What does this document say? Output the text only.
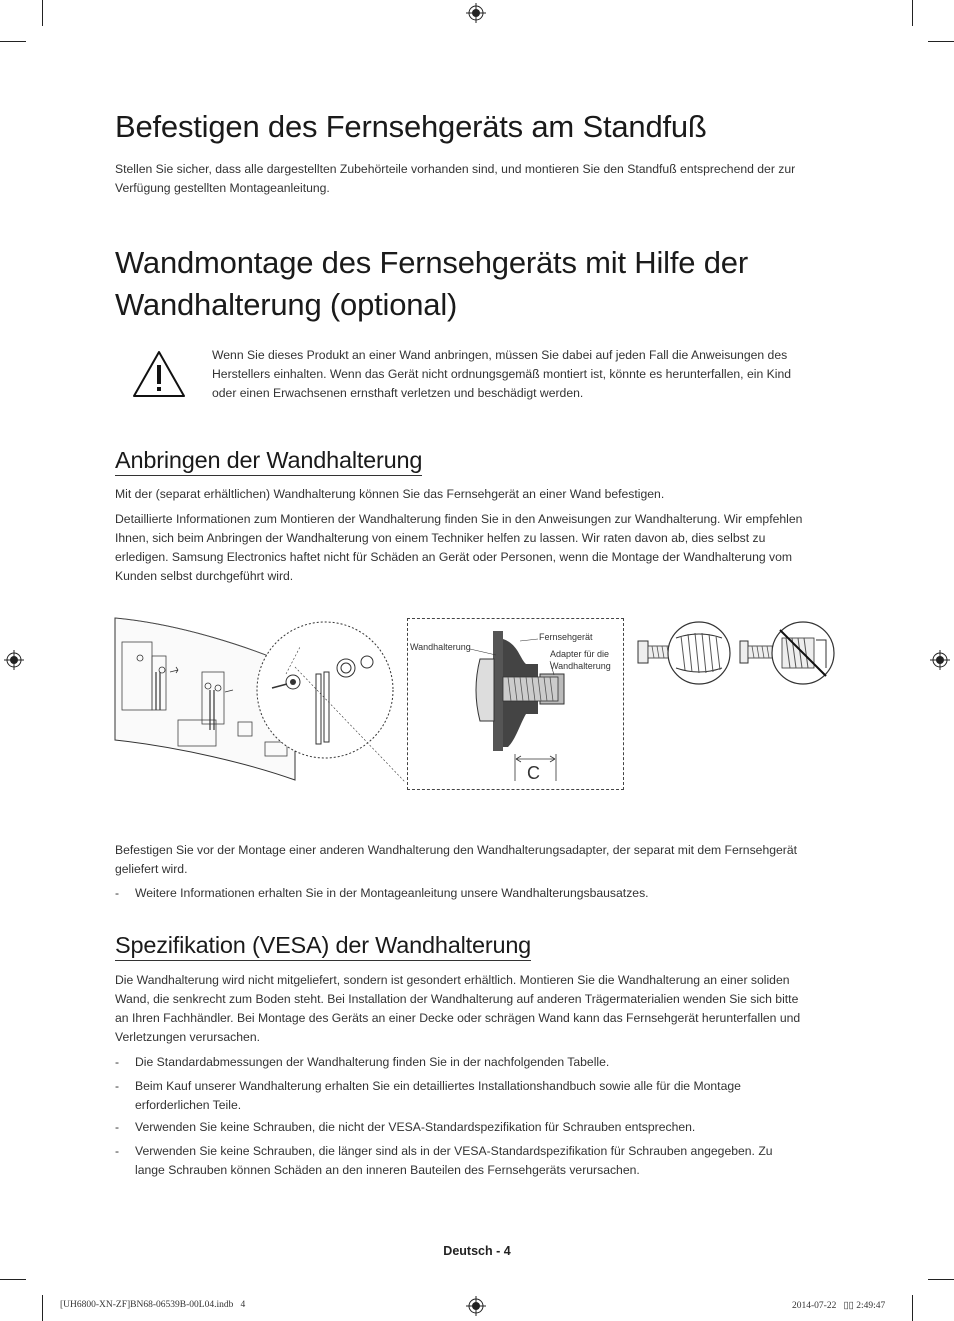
Befestigen des Fernsehgeräts am Standfuß

Stellen Sie sicher, dass alle dargestellten Zubehörteile vorhanden sind, und montieren Sie den Standfuß entsprechend der zur

Verfügung gestellten Montageanleitung.

Wandmontage des Fernsehgeräts mit Hilfe der
Wandhalterung (optional)

Wenn Sie dieses Produkt an einer Wand anbringen, müssen Sie dabei auf jeden Fall die Anweisungen des

Herstellers einhalten. Wenn das Gerät nicht ordnungsgemäß montiert ist, könnte es herunterfallen, ein Kind

oder einen Erwachsenen ernsthaft verletzen und beschädigt werden.

Anbringen der Wandhalterung

Mit der (separat erhältlichen) Wandhalterung können Sie das Fernsehgerät an einer Wand befestigen.

Detaillierte Informationen zum Montieren der Wandhalterung finden Sie in den Anweisungen zur Wandhalterung. Wir empfehlen

Ihnen, sich beim Anbringen der Wandhalterung von einem Techniker helfen zu lassen. Wir raten davon ab, dies selbst zu

erledigen. Samsung Electronics haftet nicht für Schäden an Gerät oder Personen, wenn die Montage der Wandhalterung vom

Kunden selbst durchgeführt wird.

Wandhalterung
Fernsehgerät
Adapter für die
Wandhalterung
C

Befestigen Sie vor der Montage einer anderen Wandhalterung den Wandhalterungsadapter, der separat mit dem Fernsehgerät

geliefert wird.

- Weitere Informationen erhalten Sie in der Montageanleitung unsere Wandhalterungsbausatzes.
Spezifikation (VESA) der Wandhalterung

Die Wandhalterung wird nicht mitgeliefert, sondern ist gesondert erhältlich. Montieren Sie die Wandhalterung an einer soliden

Wand, die senkrecht zum Boden steht. Bei Installation der Wandhalterung auf anderen Trägermaterialien wenden Sie sich bitte

an Ihren Fachhändler. Bei Montage des Geräts an einer Decke oder schrägen Wand kann das Fernsehgerät herunterfallen und

Verletzungen verursachen.

- Die Standardabmessungen der Wandhalterung finden Sie in der nachfolgenden Tabelle.
- Beim Kauf unserer Wandhalterung erhalten Sie ein detailliertes Installationshandbuch sowie alle für die Montage
erforderlichen Teile.
- Verwenden Sie keine Schrauben, die nicht der VESA-Standardspezifikation für Schrauben entsprechen.
- Verwenden Sie keine Schrauben, die länger sind als in der VESA-Standardspezifikation für Schrauben angegeben. Zu
lange Schrauben können Schäden an den inneren Bauteilen des Fernsehgeräts verursachen.
Deutsch - 4
[UH6800-XN-ZF]BN68-06539B-00L04.indb   4	2014-07-22   ▯▯ 2:49:47
